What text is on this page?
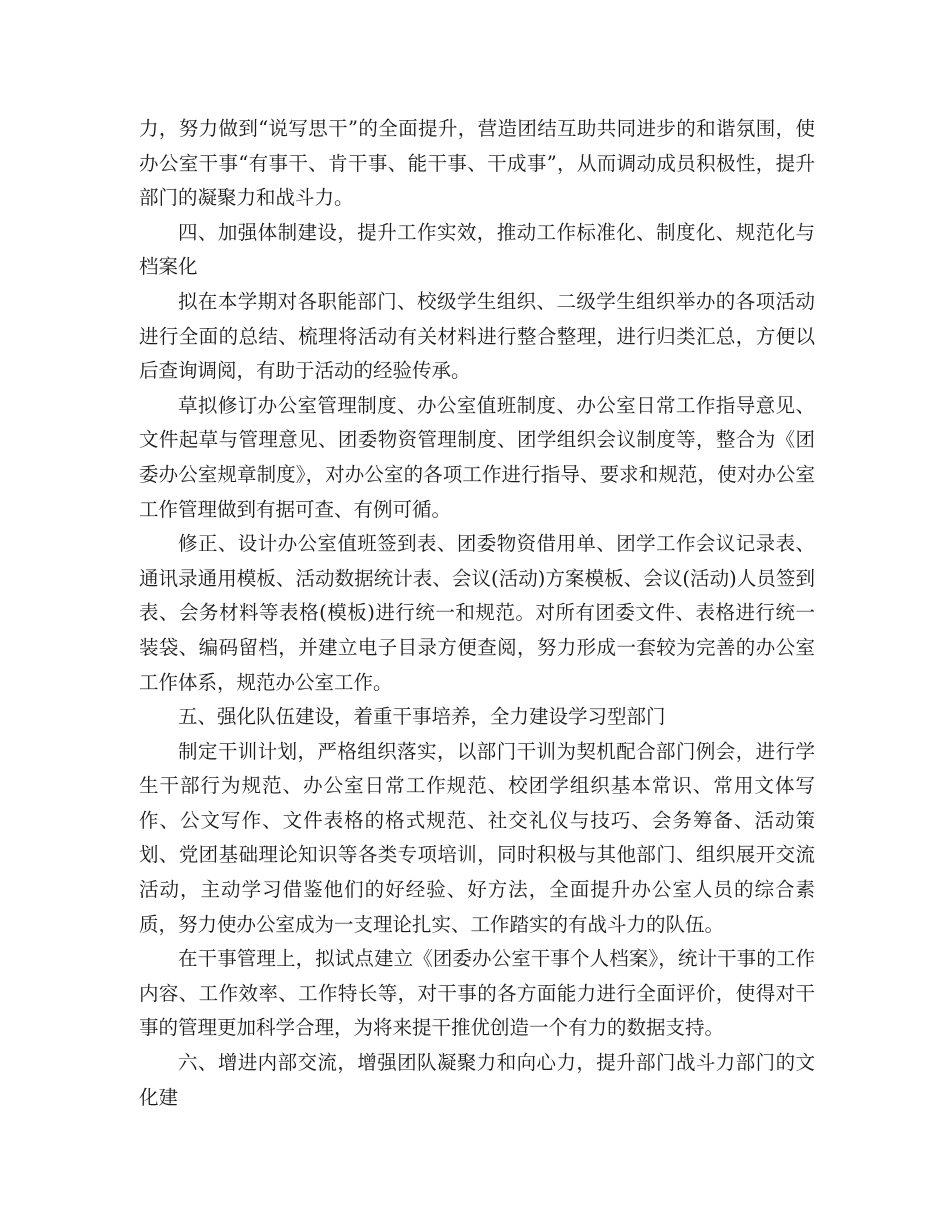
力，努力做到“说写思干”的全面提升，营造团结互助共同进步的和谐氛围，使办公室干事“有事干、肯干事、能干事、干成事”，从而调动成员积极性，提升部门的凝聚力和战斗力。

四、加强体制建设，提升工作实效，推动工作标准化、制度化、规范化与档案化

拟在本学期对各职能部门、校级学生组织、二级学生组织举办的各项活动进行全面的总结、梳理将活动有关材料进行整合整理，进行归类汇总，方便以后查询调阅，有助于活动的经验传承。

草拟修订办公室管理制度、办公室值班制度、办公室日常工作指导意见、文件起草与管理意见、团委物资管理制度、团学组织会议制度等，整合为《团委办公室规章制度》，对办公室的各项工作进行指导、要求和规范，使对办公室工作管理做到有据可查、有例可循。

修正、设计办公室值班签到表、团委物资借用单、团学工作会议记录表、通讯录通用模板、活动数据统计表、会议(活动)方案模板、会议(活动)人员签到表、会务材料等表格(模板)进行统一和规范。对所有团委文件、表格进行统一装袋、编码留档，并建立电子目录方便查阅，努力形成一套较为完善的办公室工作体系，规范办公室工作。

五、强化队伍建设，着重干事培养，全力建设学习型部门

制定干训计划，严格组织落实，以部门干训为契机配合部门例会，进行学生干部行为规范、办公室日常工作规范、校团学组织基本常识、常用文体写作、公文写作、文件表格的格式规范、社交礼仪与技巧、会务筹备、活动策划、党团基础理论知识等各类专项培训，同时积极与其他部门、组织展开交流活动，主动学习借鉴他们的好经验、好方法，全面提升办公室人员的综合素质，努力使办公室成为一支理论扎实、工作踏实的有战斗力的队伍。

在干事管理上，拟试点建立《团委办公室干事个人档案》，统计干事的工作内容、工作效率、工作特长等，对干事的各方面能力进行全面评价，使得对干事的管理更加科学合理，为将来提干推优创造一个有力的数据支持。

六、增进内部交流，增强团队凝聚力和向心力，提升部门战斗力部门的文化建
